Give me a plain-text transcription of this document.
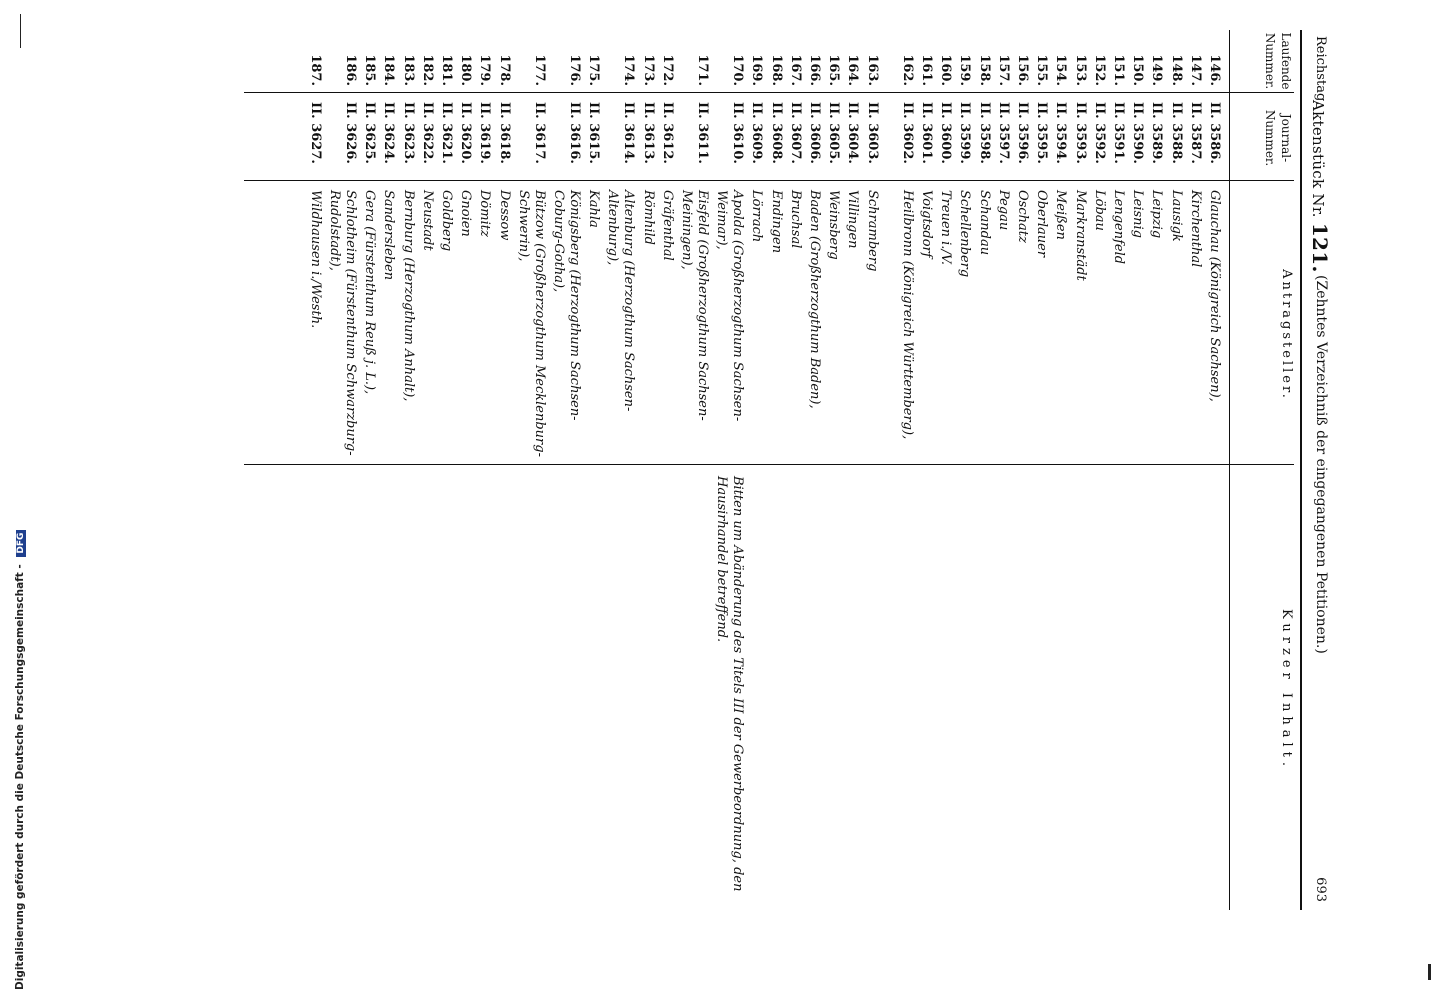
Reichstag.
Aktenstück Nr. 121.
(Zehntes Verzeichniß der eingegangenen Petitionen.)
693
Laufende Nummer.
Journal-Nummer.
Antragsteller.
Kurzer Inhalt.
146.
II. 3586.
Glauchau (Königreich Sachsen),
147.
II. 3587.
Kirchenthal
148.
II. 3588.
Lausigk
149.
II. 3589.
Leipzig
150.
II. 3590.
Leisnig
151.
II. 3591.
Lengenfeld
152.
II. 3592.
Löbau
153.
II. 3593.
Markranstädt
154.
II. 3594.
Meißen
155.
II. 3595.
Oberlauer
156.
II. 3596.
Oschatz
157.
II. 3597.
Pegau
158.
II. 3598.
Schandau
159.
II. 3599.
Schellenberg
160.
II. 3600.
Treuen i./V.
161.
II. 3601.
Voigtsdorf
162.
II. 3602.
Heilbronn (Königreich Württemberg),
163.
II. 3603.
Schramberg
164.
II. 3604.
Villingen
165.
II. 3605.
Weinsberg
166.
II. 3606.
Baden (Großherzogthum Baden),
167.
II. 3607.
Bruchsal
168.
II. 3608.
Endingen
169.
II. 3609.
Lörrach
170.
II. 3610.
Apolda (Großherzogthum Sachsen-Weimar),
Bitten um Abänderung des Titels III der Gewerbeordnung, den Hausirhandel betreffend.
171.
II. 3611.
Eisfeld (Großherzogthum Sachsen-Meiningen),
172.
II. 3612.
Gräfenthal
173.
II. 3613.
Römhild
174.
II. 3614.
Altenburg (Herzogthum Sachsen-Altenburg),
175.
II. 3615.
Kahla
176.
II. 3616.
Königsberg (Herzogthum Sachsen-Coburg-Gotha),
177.
II. 3617.
Bützow (Großherzogthum Mecklenburg-Schwerin),
178.
II. 3618.
Dessow
179.
II. 3619.
Dömitz
180.
II. 3620.
Gnoien
181.
II. 3621.
Goldberg
182.
II. 3622.
Neustadt
183.
II. 3623.
Bernburg (Herzogthum Anhalt),
184.
II. 3624.
Sandersleben
185.
II. 3625.
Gera (Fürstenthum Reuß j. L.),
186.
II. 3626.
Schlotheim (Fürstenthum Schwarzburg-Rudolstadt),
187.
II. 3627.
Wildhausen i./Westh.
Digitalisierung gefördert durch die Deutsche Forschungsgemeinschaft - DFG
